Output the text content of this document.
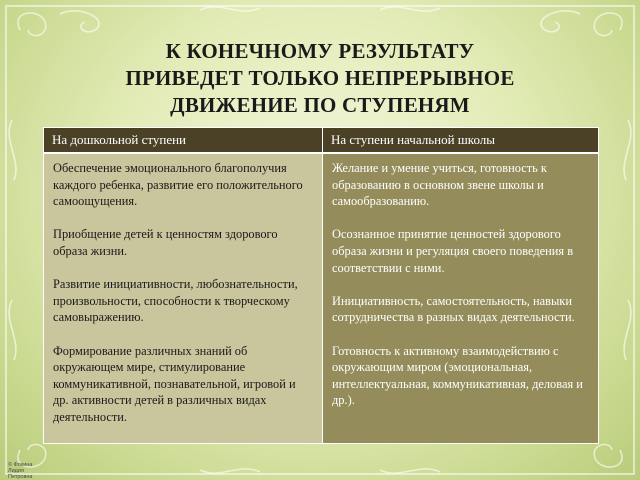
К КОНЕЧНОМУ РЕЗУЛЬТАТУ
ПРИВЕДЕТ ТОЛЬКО НЕПРЕРЫВНОЕ
ДВИЖЕНИЕ ПО СТУПЕНЯМ
На дошкольной ступени	На ступени начальной школы

Обеспечение эмоционального благополучия каждого ребенка, развитие его положительного самоощущения.

Приобщение детей к ценностям здорового образа жизни.

Развитие инициативности, любознательности, произвольности, способности к творческому самовыражению.

Формирование различных знаний об окружающем мире, стимулирование коммуникативной, познавательной, игровой и др. активности детей в различных видах деятельности.

Желание и умение учиться, готовность к образованию в основном звене школы и самообразованию.

Осознанное принятие ценностей здорового образа жизни и регуляция своего поведения в соответствии с ними.

Инициативность, самостоятельность, навыки сотрудничества в разных видах деятельности.

Готовность к активному взаимодействию с окружающим миром (эмоциональная, интеллектуальная, коммуникативная, деловая и др.).

© Фокина Лидия Петровна
